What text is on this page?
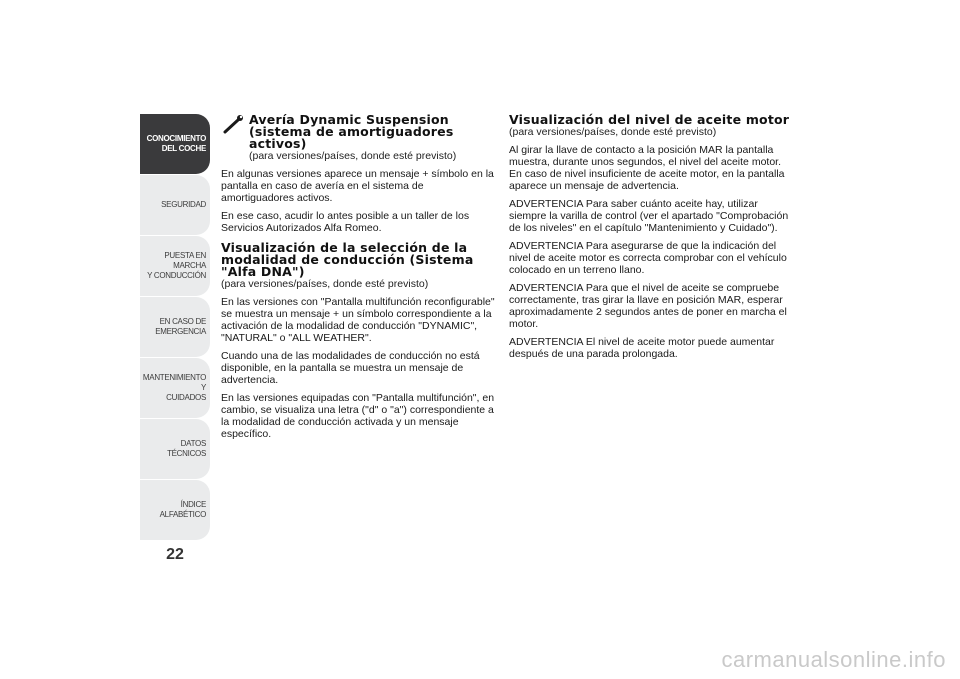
CONOCIMIENTO
DEL COCHE
SEGURIDAD
PUESTA EN MARCHA
Y CONDUCCIÓN
EN CASO DE
EMERGENCIA
MANTENIMIENTO Y
CUIDADOS
DATOS TÉCNICOS
ÍNDICE ALFABÉTICO
22
Avería Dynamic Suspension (sistema de amortiguadores activos)
(para versiones/países, donde esté previsto)

En algunas versiones aparece un mensaje + símbolo en la pantalla en caso de avería en el sistema de amortiguadores activos.

En ese caso, acudir lo antes posible a un taller de los Servicios Autorizados Alfa Romeo.

Visualización de la selección de la modalidad de conducción (Sistema "Alfa DNA")
(para versiones/países, donde esté previsto)

En las versiones con "Pantalla multifunción reconfigurable" se muestra un mensaje + un símbolo correspondiente a la activación de la modalidad de conducción "DYNAMIC", "NATURAL" o "ALL WEATHER".

Cuando una de las modalidades de conducción no está disponible, en la pantalla se muestra un mensaje de advertencia.

En las versiones equipadas con "Pantalla multifunción", en cambio, se visualiza una letra ("d" o "a") correspondiente a la modalidad de conducción activada y un mensaje específico.

Visualización del nivel de aceite motor
(para versiones/países, donde esté previsto)

Al girar la llave de contacto a la posición MAR la pantalla muestra, durante unos segundos, el nivel del aceite motor. En caso de nivel insuficiente de aceite motor, en la pantalla aparece un mensaje de advertencia.

ADVERTENCIA Para saber cuánto aceite hay, utilizar siempre la varilla de control (ver el apartado "Comprobación de los niveles" en el capítulo "Mantenimiento y Cuidado").

ADVERTENCIA Para asegurarse de que la indicación del nivel de aceite motor es correcta comprobar con el vehículo colocado en un terreno llano.

ADVERTENCIA Para que el nivel de aceite se compruebe correctamente, tras girar la llave en posición MAR, esperar aproximadamente 2 segundos antes de poner en marcha el motor.

ADVERTENCIA El nivel de aceite motor puede aumentar después de una parada prolongada.

carmanualsonline.info
